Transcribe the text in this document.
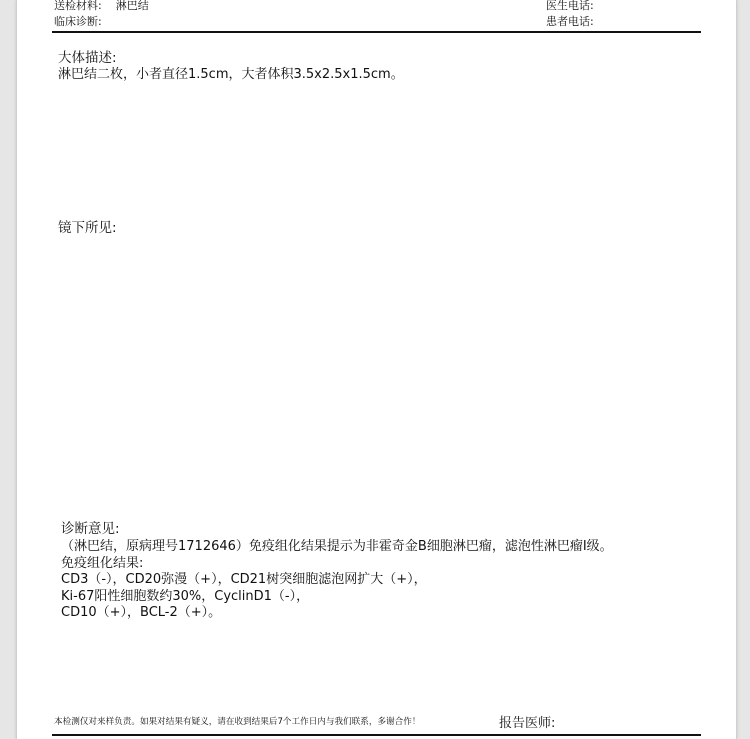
送检材料: 淋巴结
临床诊断:
医生电话:
患者电话:
大体描述:
淋巴结二枚，小者直径1.5cm，大者体积3.5x2.5x1.5cm。
镜下所见:
诊断意见:
（淋巴结，原病理号1712646）免疫组化结果提示为非霍奇金B细胞淋巴瘤，滤泡性淋巴瘤Ⅰ级。
免疫组化结果:
CD3（-），CD20弥漫（+），CD21树突细胞滤泡网扩大（+），
Ki-67阳性细胞数约30%，CyclinD1（-），
CD10（+），BCL-2（+）。
本检测仅对来样负责。如果对结果有疑义，请在收到结果后7个工作日内与我们联系，多谢合作！	报告医师:
